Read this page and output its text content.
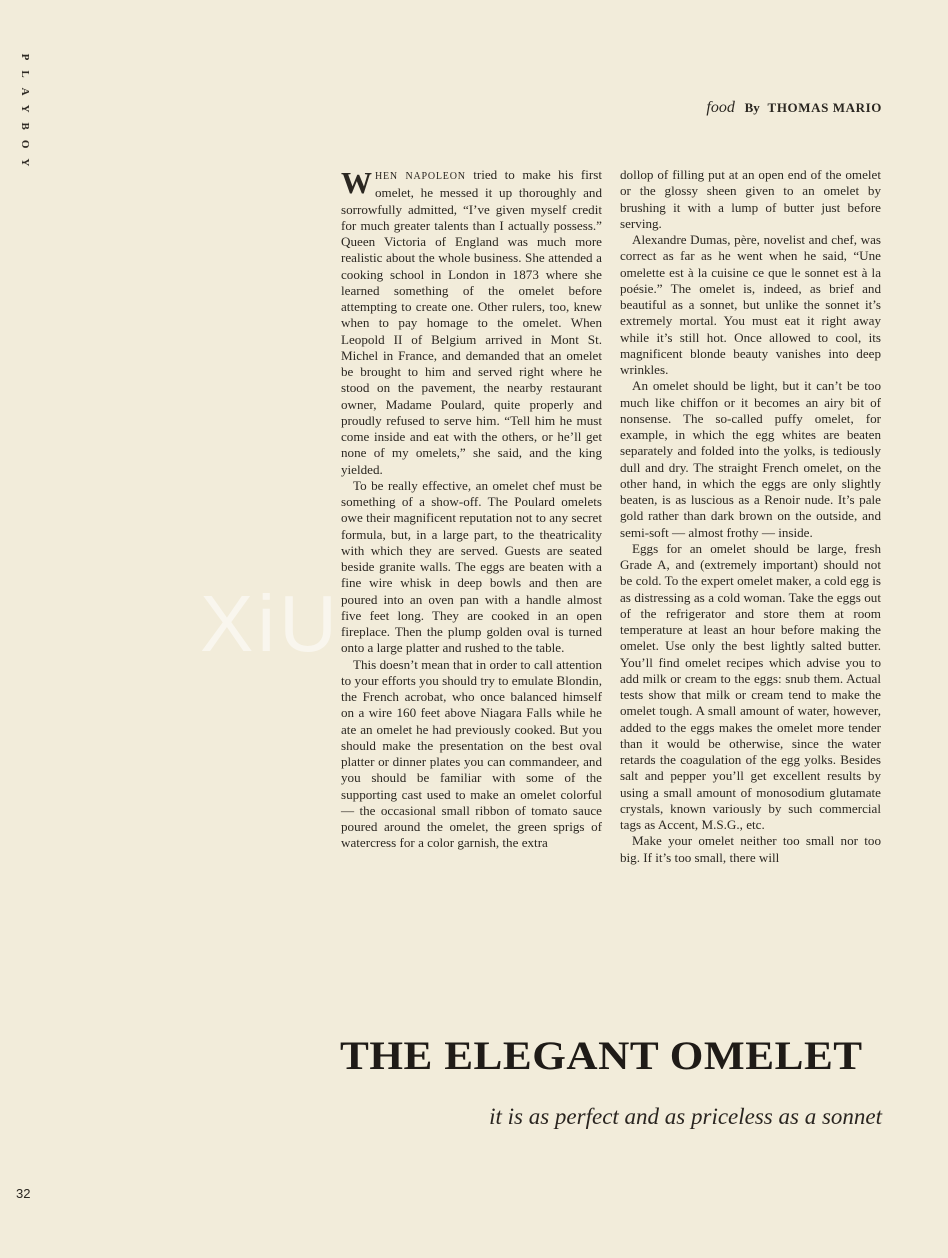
PLAYBOY	food By THOMAS MARIO

WHEN NAPOLEON tried to make his first omelet, he messed it up thoroughly and sorrowfully admitted, “I’ve given myself credit for much greater talents than I actually possess.” Queen Victoria of England was much more realistic about the whole business. She attended a cooking school in London in 1873 where she learned something of the omelet before attempting to create one. Other rulers, too, knew when to pay homage to the omelet. When Leopold II of Belgium arrived in Mont St. Michel in France, and demanded that an omelet be brought to him and served right where he stood on the pavement, the nearby restaurant owner, Madame Poulard, quite properly and proudly refused to serve him. “Tell him he must come inside and eat with the others, or he’ll get none of my omelets,” she said, and the king yielded.

To be really effective, an omelet chef must be something of a show-off. The Poulard omelets owe their magnificent reputation not to any secret formula, but, in a large part, to the theatricality with which they are served. Guests are seated beside granite walls. The eggs are beaten with a fine wire whisk in deep bowls and then are poured into an oven pan with a handle almost five feet long. They are cooked in an open fireplace. Then the plump golden oval is turned onto a large platter and rushed to the table.

This doesn’t mean that in order to call attention to your efforts you should try to emulate Blondin, the French acrobat, who once balanced himself on a wire 160 feet above Niagara Falls while he ate an omelet he had previously cooked. But you should make the presentation on the best oval platter or dinner plates you can commandeer, and you should be familiar with some of the supporting cast used to make an omelet colorful — the occasional small ribbon of tomato sauce poured around the omelet, the green sprigs of watercress for a color garnish, the extra

dollop of filling put at an open end of the omelet or the glossy sheen given to an omelet by brushing it with a lump of butter just before serving.

Alexandre Dumas, père, novelist and chef, was correct as far as he went when he said, “Une omelette est à la cuisine ce que le sonnet est à la poésie.” The omelet is, indeed, as brief and beautiful as a sonnet, but unlike the sonnet it’s extremely mortal. You must eat it right away while it’s still hot. Once allowed to cool, its magnificent blonde beauty vanishes into deep wrinkles.

An omelet should be light, but it can’t be too much like chiffon or it becomes an airy bit of nonsense. The so-called puffy omelet, for example, in which the egg whites are beaten separately and folded into the yolks, is tediously dull and dry. The straight French omelet, on the other hand, in which the eggs are only slightly beaten, is as luscious as a Renoir nude. It’s pale gold rather than dark brown on the outside, and semi-soft — almost frothy — inside.

Eggs for an omelet should be large, fresh Grade A, and (extremely important) should not be cold. To the expert omelet maker, a cold egg is as distressing as a cold woman. Take the eggs out of the refrigerator and store them at room temperature at least an hour before making the omelet. Use only the best lightly salted butter. You’ll find omelet recipes which advise you to add milk or cream to the eggs: snub them. Actual tests show that milk or cream tend to make the omelet tough. A small amount of water, however, added to the eggs makes the omelet more tender than it would be otherwise, since the water retards the coagulation of the egg yolks. Besides salt and pepper you’ll get excellent results by using a small amount of monosodium glutamate crystals, known variously by such commercial tags as Accent, M.S.G., etc.

Make your omelet neither too small nor too big. If it’s too small, there will

XiU
THE ELEGANT OMELET
it is as perfect and as priceless as a sonnet
32
